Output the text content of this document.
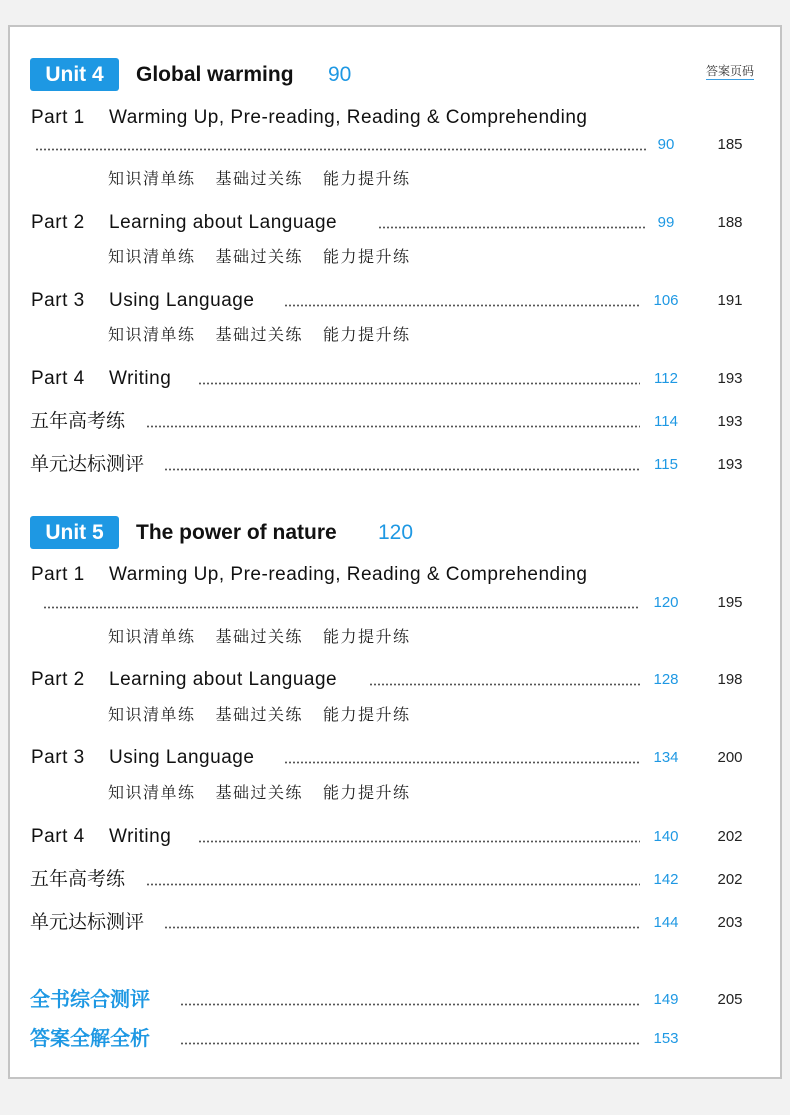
答案页码
Unit 4	Global warming 90
Part 1 Warming Up, Pre-reading, Reading & Comprehending
90	185
知识清单练 基础过关练 能力提升练
Part 2 Learning about Language	99	188
知识清单练 基础过关练 能力提升练
Part 3 Using Language	106	191
知识清单练 基础过关练 能力提升练
Part 4 Writing	112	193
五年高考练	114	193
单元达标测评	115	193
Unit 5	The power of nature 120
Part 1 Warming Up, Pre-reading, Reading & Comprehending
120	195
知识清单练 基础过关练 能力提升练
Part 2 Learning about Language	128	198
知识清单练 基础过关练 能力提升练
Part 3 Using Language	134	200
知识清单练 基础过关练 能力提升练
Part 4 Writing	140	202
五年高考练	142	202
单元达标测评	144	203
全书综合测评	149	205
答案全解全析	153
